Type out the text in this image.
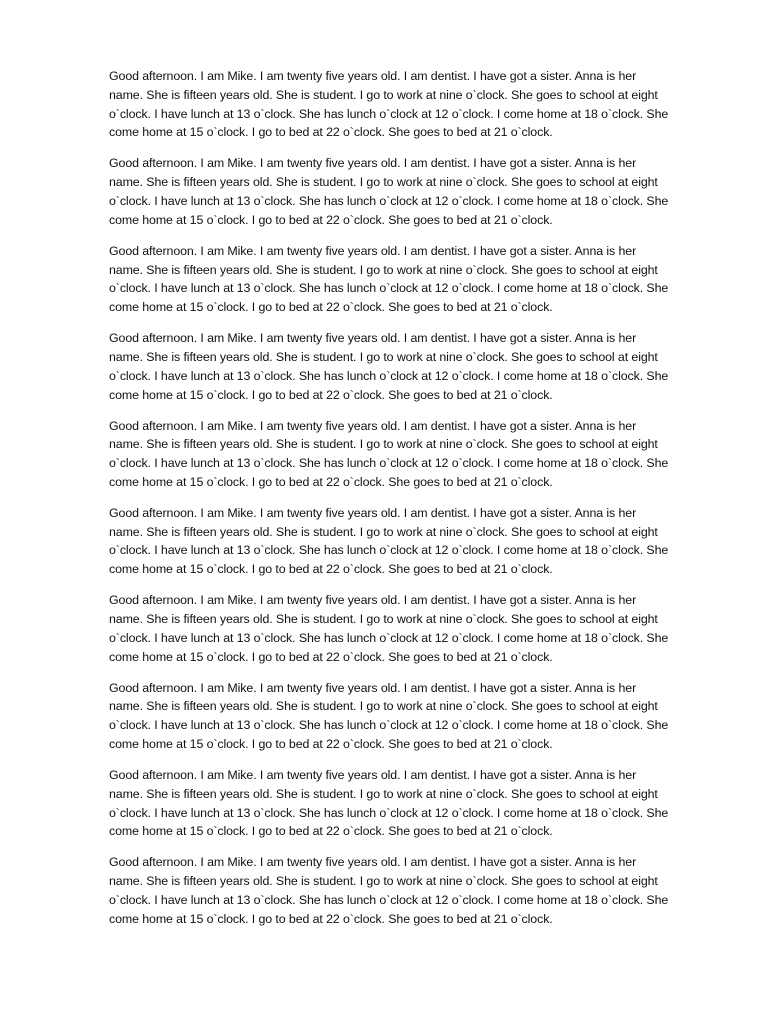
Good afternoon. I am Mike. I am twenty five years old. I am dentist. I have got a sister. Anna is her
name. She is fifteen years old. She is student. I go to work at nine o`clock. She goes to school at eight
o`clock. I have lunch at 13 o`clock. She has lunch o`clock at 12 o`clock. I come home at 18 o`clock. She
come home at 15 o`clock. I go to bed at 22 o`clock. She goes to bed at 21 o`clock.

Good afternoon. I am Mike. I am twenty five years old. I am dentist. I have got a sister. Anna is her
name. She is fifteen years old. She is student. I go to work at nine o`clock. She goes to school at eight
o`clock. I have lunch at 13 o`clock. She has lunch o`clock at 12 o`clock. I come home at 18 o`clock. She
come home at 15 o`clock. I go to bed at 22 o`clock. She goes to bed at 21 o`clock.

Good afternoon. I am Mike. I am twenty five years old. I am dentist. I have got a sister. Anna is her
name. She is fifteen years old. She is student. I go to work at nine o`clock. She goes to school at eight
o`clock. I have lunch at 13 o`clock. She has lunch o`clock at 12 o`clock. I come home at 18 o`clock. She
come home at 15 o`clock. I go to bed at 22 o`clock. She goes to bed at 21 o`clock.

Good afternoon. I am Mike. I am twenty five years old. I am dentist. I have got a sister. Anna is her
name. She is fifteen years old. She is student. I go to work at nine o`clock. She goes to school at eight
o`clock. I have lunch at 13 o`clock. She has lunch o`clock at 12 o`clock. I come home at 18 o`clock. She
come home at 15 o`clock. I go to bed at 22 o`clock. She goes to bed at 21 o`clock.

Good afternoon. I am Mike. I am twenty five years old. I am dentist. I have got a sister. Anna is her
name. She is fifteen years old. She is student. I go to work at nine o`clock. She goes to school at eight
o`clock. I have lunch at 13 o`clock. She has lunch o`clock at 12 o`clock. I come home at 18 o`clock. She
come home at 15 o`clock. I go to bed at 22 o`clock. She goes to bed at 21 o`clock.

Good afternoon. I am Mike. I am twenty five years old. I am dentist. I have got a sister. Anna is her
name. She is fifteen years old. She is student. I go to work at nine o`clock. She goes to school at eight
o`clock. I have lunch at 13 o`clock. She has lunch o`clock at 12 o`clock. I come home at 18 o`clock. She
come home at 15 o`clock. I go to bed at 22 o`clock. She goes to bed at 21 o`clock.

Good afternoon. I am Mike. I am twenty five years old. I am dentist. I have got a sister. Anna is her
name. She is fifteen years old. She is student. I go to work at nine o`clock. She goes to school at eight
o`clock. I have lunch at 13 o`clock. She has lunch o`clock at 12 o`clock. I come home at 18 o`clock. She
come home at 15 o`clock. I go to bed at 22 o`clock. She goes to bed at 21 o`clock.

Good afternoon. I am Mike. I am twenty five years old. I am dentist. I have got a sister. Anna is her
name. She is fifteen years old. She is student. I go to work at nine o`clock. She goes to school at eight
o`clock. I have lunch at 13 o`clock. She has lunch o`clock at 12 o`clock. I come home at 18 o`clock. She
come home at 15 o`clock. I go to bed at 22 o`clock. She goes to bed at 21 o`clock.

Good afternoon. I am Mike. I am twenty five years old. I am dentist. I have got a sister. Anna is her
name. She is fifteen years old. She is student. I go to work at nine o`clock. She goes to school at eight
o`clock. I have lunch at 13 o`clock. She has lunch o`clock at 12 o`clock. I come home at 18 o`clock. She
come home at 15 o`clock. I go to bed at 22 o`clock. She goes to bed at 21 o`clock.

Good afternoon. I am Mike. I am twenty five years old. I am dentist. I have got a sister. Anna is her
name. She is fifteen years old. She is student. I go to work at nine o`clock. She goes to school at eight
o`clock. I have lunch at 13 o`clock. She has lunch o`clock at 12 o`clock. I come home at 18 o`clock. She
come home at 15 o`clock. I go to bed at 22 o`clock. She goes to bed at 21 o`clock.
